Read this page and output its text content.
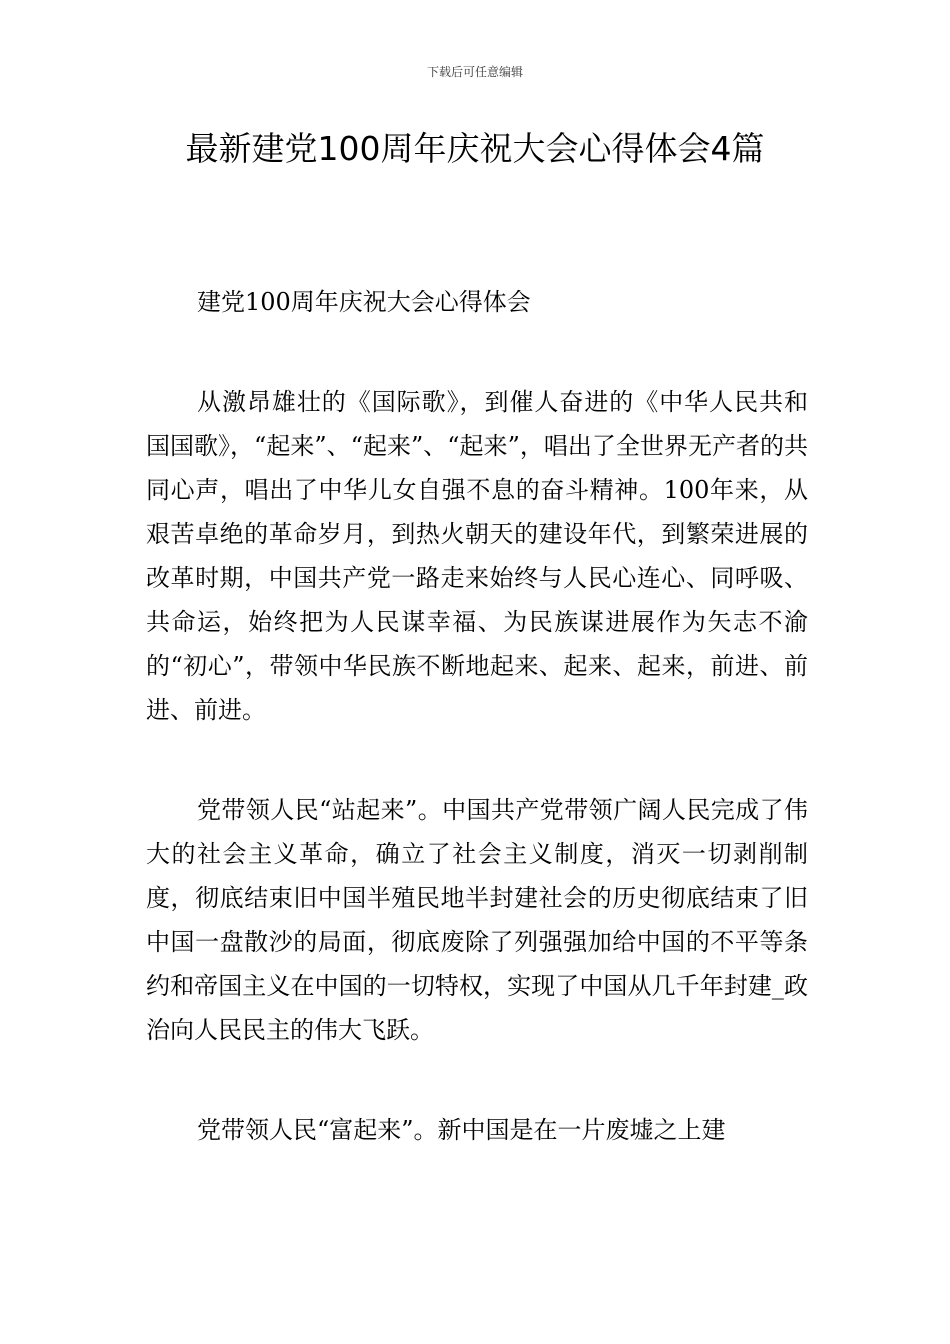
下载后可任意编辑
最新建党100周年庆祝大会心得体会4篇
建党100周年庆祝大会心得体会

从激昂雄壮的《国际歌》，到催人奋进的《中华人民共和国国歌》，“起来”、“起来”、“起来”，唱出了全世界无产者的共同心声，唱出了中华儿女自强不息的奋斗精神。100年来，从艰苦卓绝的革命岁月，到热火朝天的建设年代，到繁荣进展的改革时期，中国共产党一路走来始终与人民心连心、同呼吸、共命运，始终把为人民谋幸福、为民族谋进展作为矢志不渝的“初心”，带领中华民族不断地起来、起来、起来，前进、前进、前进。

党带领人民“站起来”。中国共产党带领广阔人民完成了伟大的社会主义革命，确立了社会主义制度，消灭一切剥削制度，彻底结束旧中国半殖民地半封建社会的历史彻底结束了旧中国一盘散沙的局面，彻底废除了列强强加给中国的不平等条约和帝国主义在中国的一切特权，实现了中国从几千年封建_政治向人民民主的伟大飞跃。

党带领人民“富起来”。新中国是在一片废墟之上建
